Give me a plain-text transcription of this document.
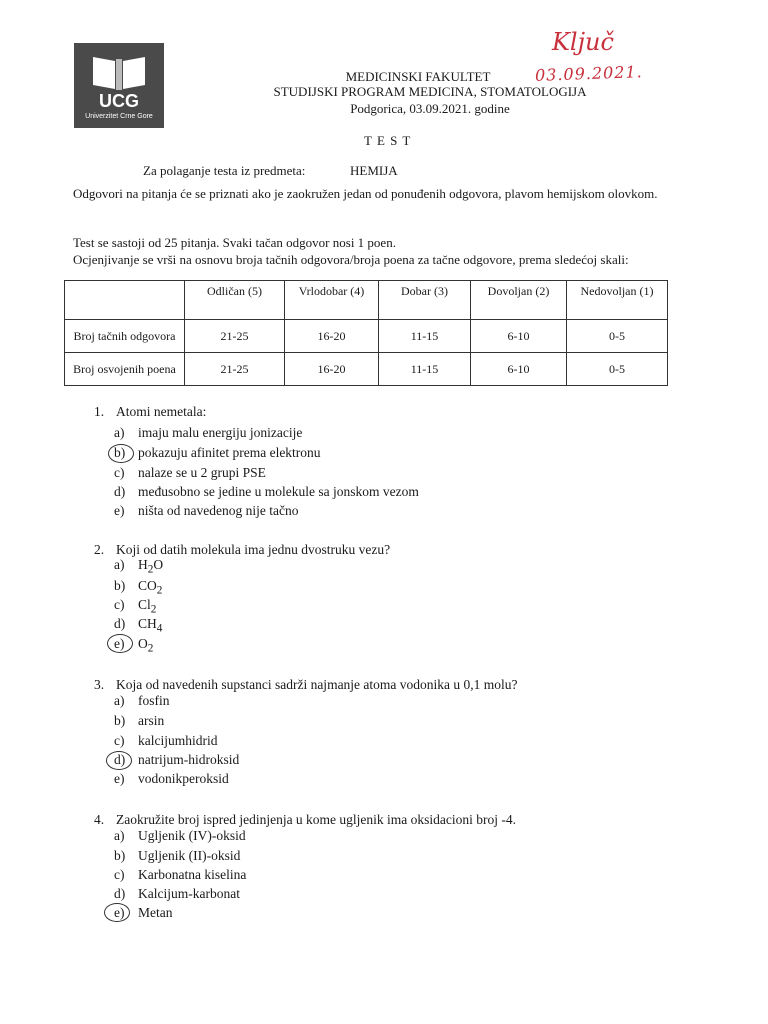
UCG
Univerzitet Crne Gore
MEDICINSKI FAKULTET
STUDIJSKI PROGRAM MEDICINA, STOMATOLOGIJA
Podgorica, 03.09.2021. godine
Ključ
03.09.2021.
T E S T
Za polaganje testa iz predmeta:	HEMIJA
Odgovori na pitanja će se priznati ako je zaokružen jedan od ponuđenih odgovora, plavom hemijskom olovkom.
Test se sastoji od 25 pitanja. Svaki tačan odgovor nosi 1 poen.
Ocjenjivanje se vrši na osnovu broja tačnih odgovora/broja poena za tačne odgovore, prema sledećoj skali:
	Odličan (5)	Vrlodobar (4)	Dobar (3)	Dovoljan (2)	Nedovoljan (1)
Broj tačnih odgovora	21-25	16-20	11-15	6-10	0-5
Broj osvojenih poena	21-25	16-20	11-15	6-10	0-5
1. Atomi nemetala:
a) imaju malu energiju jonizacije
b) pokazuju afinitet prema elektronu
c) nalaze se u 2 grupi PSE
d) međusobno se jedine u molekule sa jonskom vezom
e) ništa od navedenog nije tačno
2. Koji od datih molekula ima jednu dvostruku vezu?
a) $H_2O$
b) $CO_2$
c) $Cl_2$
d) $CH_4$
e) $O_2$
3. Koja od navedenih supstanci sadrži najmanje atoma vodonika u 0,1 molu?
a) fosfin
b) arsin
c) kalcijumhidrid
d) natrijum-hidroksid
e) vodonikperoksid
4. Zaokružite broj ispred jedinjenja u kome ugljenik ima oksidacioni broj -4.
a) Ugljenik (IV)-oksid
b) Ugljenik (II)-oksid
c) Karbonatna kiselina
d) Kalcijum-karbonat
e) Metan
